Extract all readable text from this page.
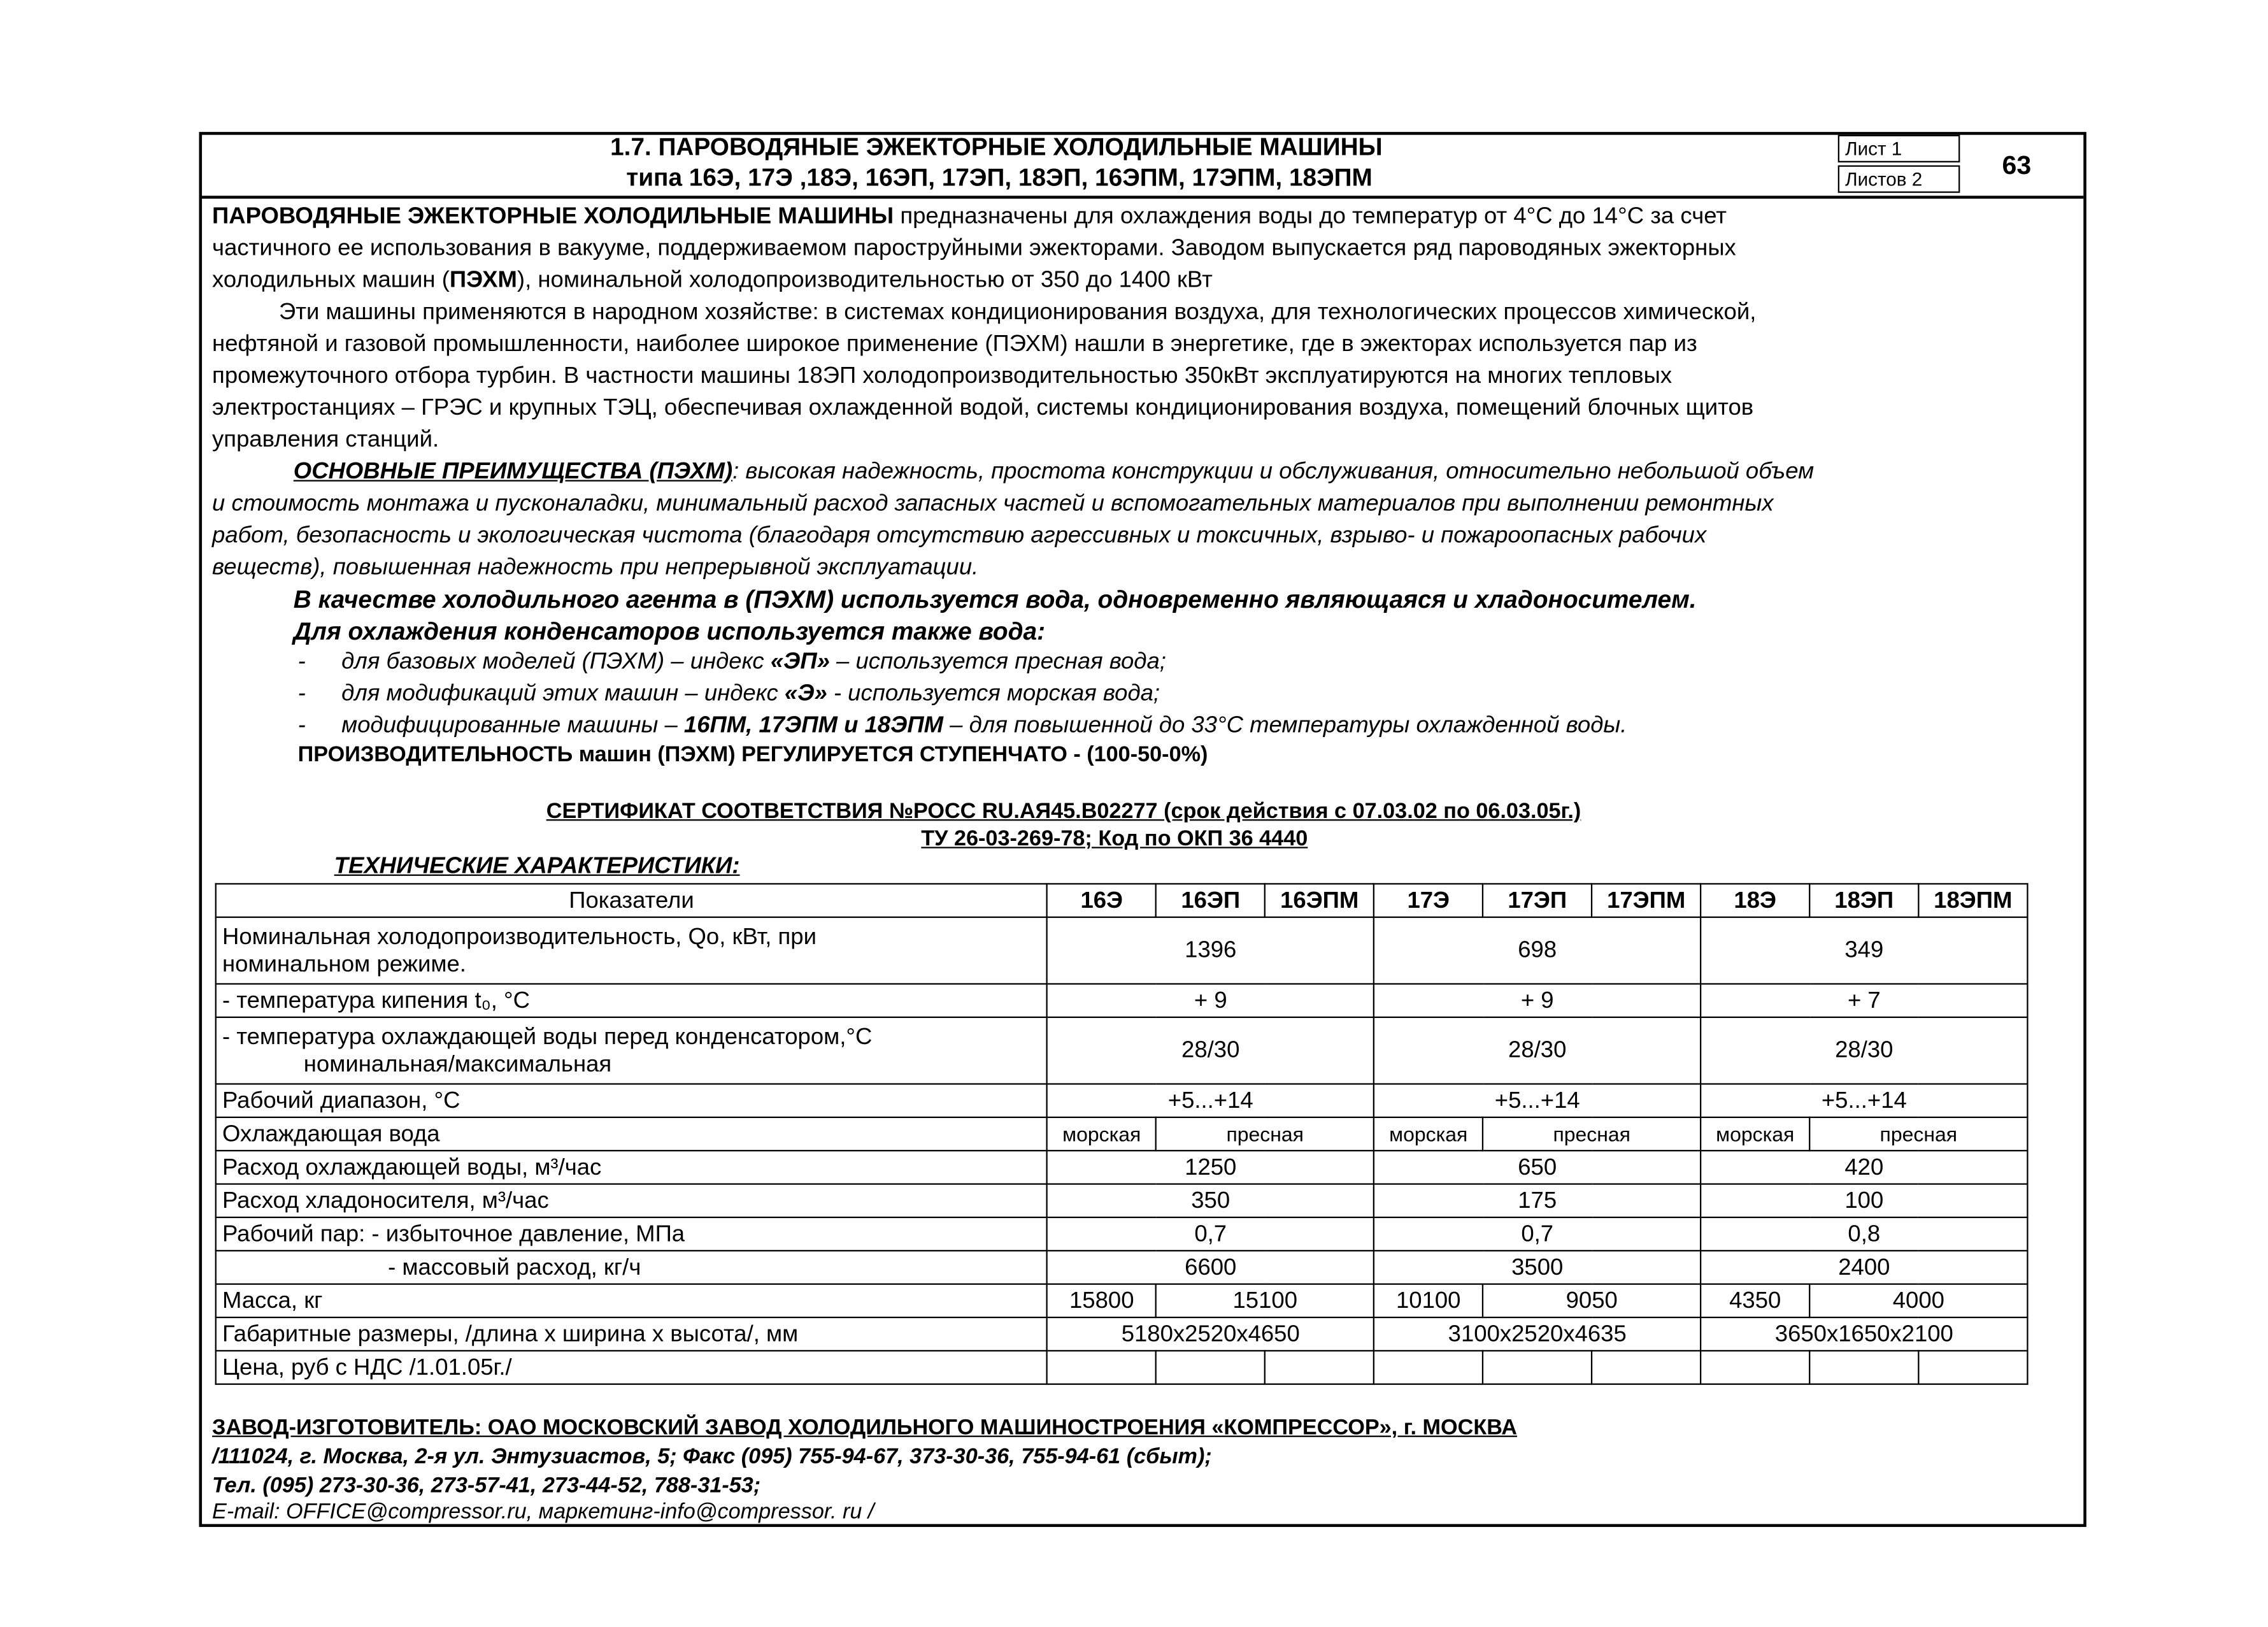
1.7. ПАРОВОДЯНЫЕ ЭЖЕКТОРНЫЕ ХОЛОДИЛЬНЫЕ МАШИНЫ
типа 16Э, 17Э ,18Э, 16ЭП, 17ЭП, 18ЭП, 16ЭПМ, 17ЭПМ, 18ЭПМ
Лист 1
Листов 2	63
ПАРОВОДЯНЫЕ ЭЖЕКТОРНЫЕ ХОЛОДИЛЬНЫЕ МАШИНЫ предназначены для охлаждения воды до температур от 4°С до 14°С за счет
частичного ее использования в вакууме, поддерживаемом пароструйными эжекторами. Заводом выпускается ряд пароводяных эжекторных
холодильных машин (ПЭХМ), номинальной холодопроизводительностью от 350 до 1400 кВт
Эти машины применяются в народном хозяйстве: в системах кондиционирования воздуха, для технологических процессов химической,
нефтяной и газовой промышленности, наиболее широкое применение (ПЭХМ) нашли в энергетике, где в эжекторах используется пар из
промежуточного отбора турбин. В частности машины 18ЭП холодопроизводительностью 350кВт эксплуатируются на многих тепловых
электростанциях – ГРЭС и крупных ТЭЦ, обеспечивая охлажденной водой, системы кондиционирования воздуха, помещений блочных щитов
управления станций.
ОСНОВНЫЕ ПРЕИМУЩЕСТВА (ПЭХМ): высокая надежность, простота конструкции и обслуживания, относительно небольшой объем
и стоимость монтажа и пусконаладки, минимальный расход запасных частей и вспомогательных материалов при выполнении ремонтных
работ, безопасность и экологическая чистота (благодаря отсутствию агрессивных и токсичных, взрыво- и пожароопасных рабочих
веществ), повышенная надежность при непрерывной эксплуатации.
В качестве холодильного агента в (ПЭХМ) используется вода, одновременно являющаяся и хладоносителем.
Для охлаждения конденсаторов используется также вода:
-	для базовых моделей (ПЭХМ) – индекс «ЭП» – используется пресная вода;
-	для модификаций этих машин – индекс «Э» - используется морская вода;
-	модифицированные машины – 16ПМ, 17ЭПМ и 18ЭПМ – для повышенной до 33°С температуры охлажденной воды.
ПРОИЗВОДИТЕЛЬНОСТЬ машин (ПЭХМ) РЕГУЛИРУЕТСЯ СТУПЕНЧАТО - (100-50-0%)
СЕРТИФИКАТ СООТВЕТСТВИЯ №РОСС RU.АЯ45.В02277 (срок действия с 07.03.02 по 06.03.05г.)
ТУ 26-03-269-78; Код по ОКП 36 4440
ТЕХНИЧЕСКИЕ ХАРАКТЕРИСТИКИ:
Показатели	16Э	16ЭП	16ЭПМ	17Э	17ЭП	17ЭПМ	18Э	18ЭП	18ЭПМ
Номинальная холодопроизводительность, Qo, кВт, при
номинальном режиме.	1396			698			349		
- температура кипения t₀, °С	+ 9			+ 9			+ 7		
- температура охлаждающей воды перед конденсатором,°С
номинальная/максимальная	28/30			28/30			28/30		
Рабочий диапазон, °С	+5...+14			+5...+14			+5...+14		
Охлаждающая вода	морская	пресная		морская	пресная		морская	пресная	
Расход охлаждающей воды, м³/час	1250			650			420		
Расход хладоносителя, м³/час	350			175			100		
Рабочий пар: - избыточное давление, МПа	0,7			0,7			0,8		
- массовый расход, кг/ч	6600			3500			2400		
Масса, кг	15800	15100		10100	9050		4350	4000	
Габаритные размеры, /длина х ширина х высота/, мм	5180x2520x4650			3100x2520x4635			3650x1650x2100		
Цена, руб с НДС /1.01.05г./									
ЗАВОД-ИЗГОТОВИТЕЛЬ: ОАО МОСКОВСКИЙ ЗАВОД ХОЛОДИЛЬНОГО МАШИНОСТРОЕНИЯ «КОМПРЕССОР», г. МОСКВА
/111024, г. Москва, 2-я ул. Энтузиастов, 5; Факс (095) 755-94-67, 373-30-36, 755-94-61 (сбыт);
Тел. (095) 273-30-36, 273-57-41, 273-44-52, 788-31-53;
E-mail: OFFICE@compressor.ru, маркетинг-info@compressor. ru /
